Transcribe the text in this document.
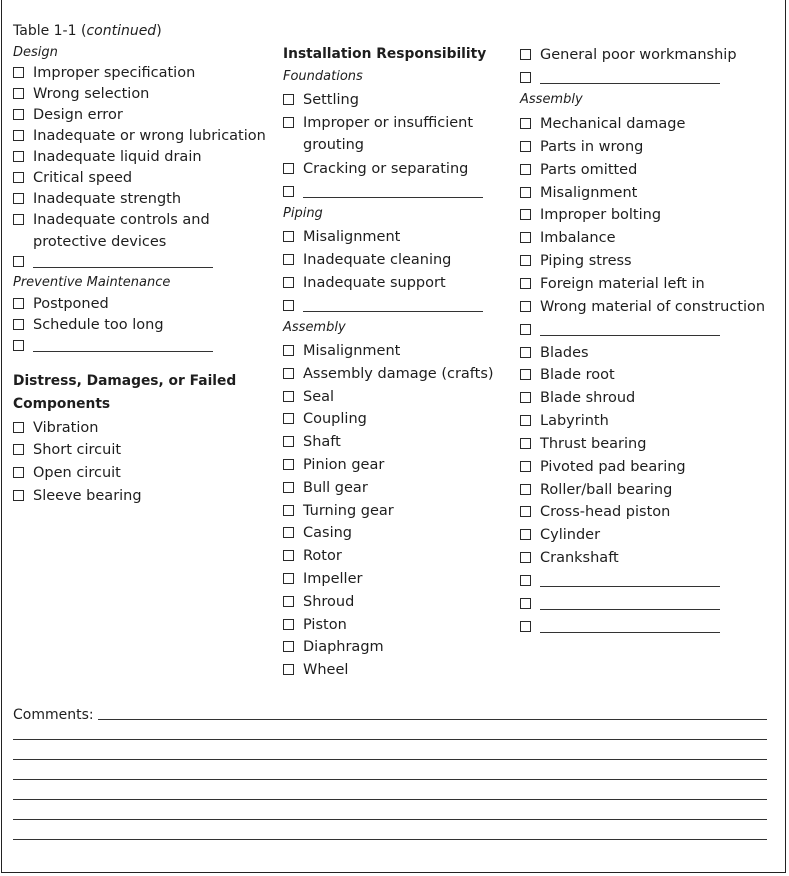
Table 1-1 (continued)
Design
Improper specification
Wrong selection
Design error
Inadequate or wrong lubrication
Inadequate liquid drain
Critical speed
Inadequate strength
Inadequate controls and protective devices
Preventive Maintenance
Postponed
Schedule too long
Distress, Damages, or Failed
Components
Vibration
Short circuit
Open circuit
Sleeve bearing
Installation Responsibility
Foundations
Settling
Improper or insufficient grouting
Cracking or separating
Piping
Misalignment
Inadequate cleaning
Inadequate support
Assembly
Misalignment
Assembly damage (crafts)
Seal
Coupling
Shaft
Pinion gear
Bull gear
Turning gear
Casing
Rotor
Impeller
Shroud
Piston
Diaphragm
Wheel
General poor workmanship
Assembly
Mechanical damage
Parts in wrong
Parts omitted
Misalignment
Improper bolting
Imbalance
Piping stress
Foreign material left in
Wrong material of construction
Blades
Blade root
Blade shroud
Labyrinth
Thrust bearing
Pivoted pad bearing
Roller/ball bearing
Cross-head piston
Cylinder
Crankshaft
Comments:
